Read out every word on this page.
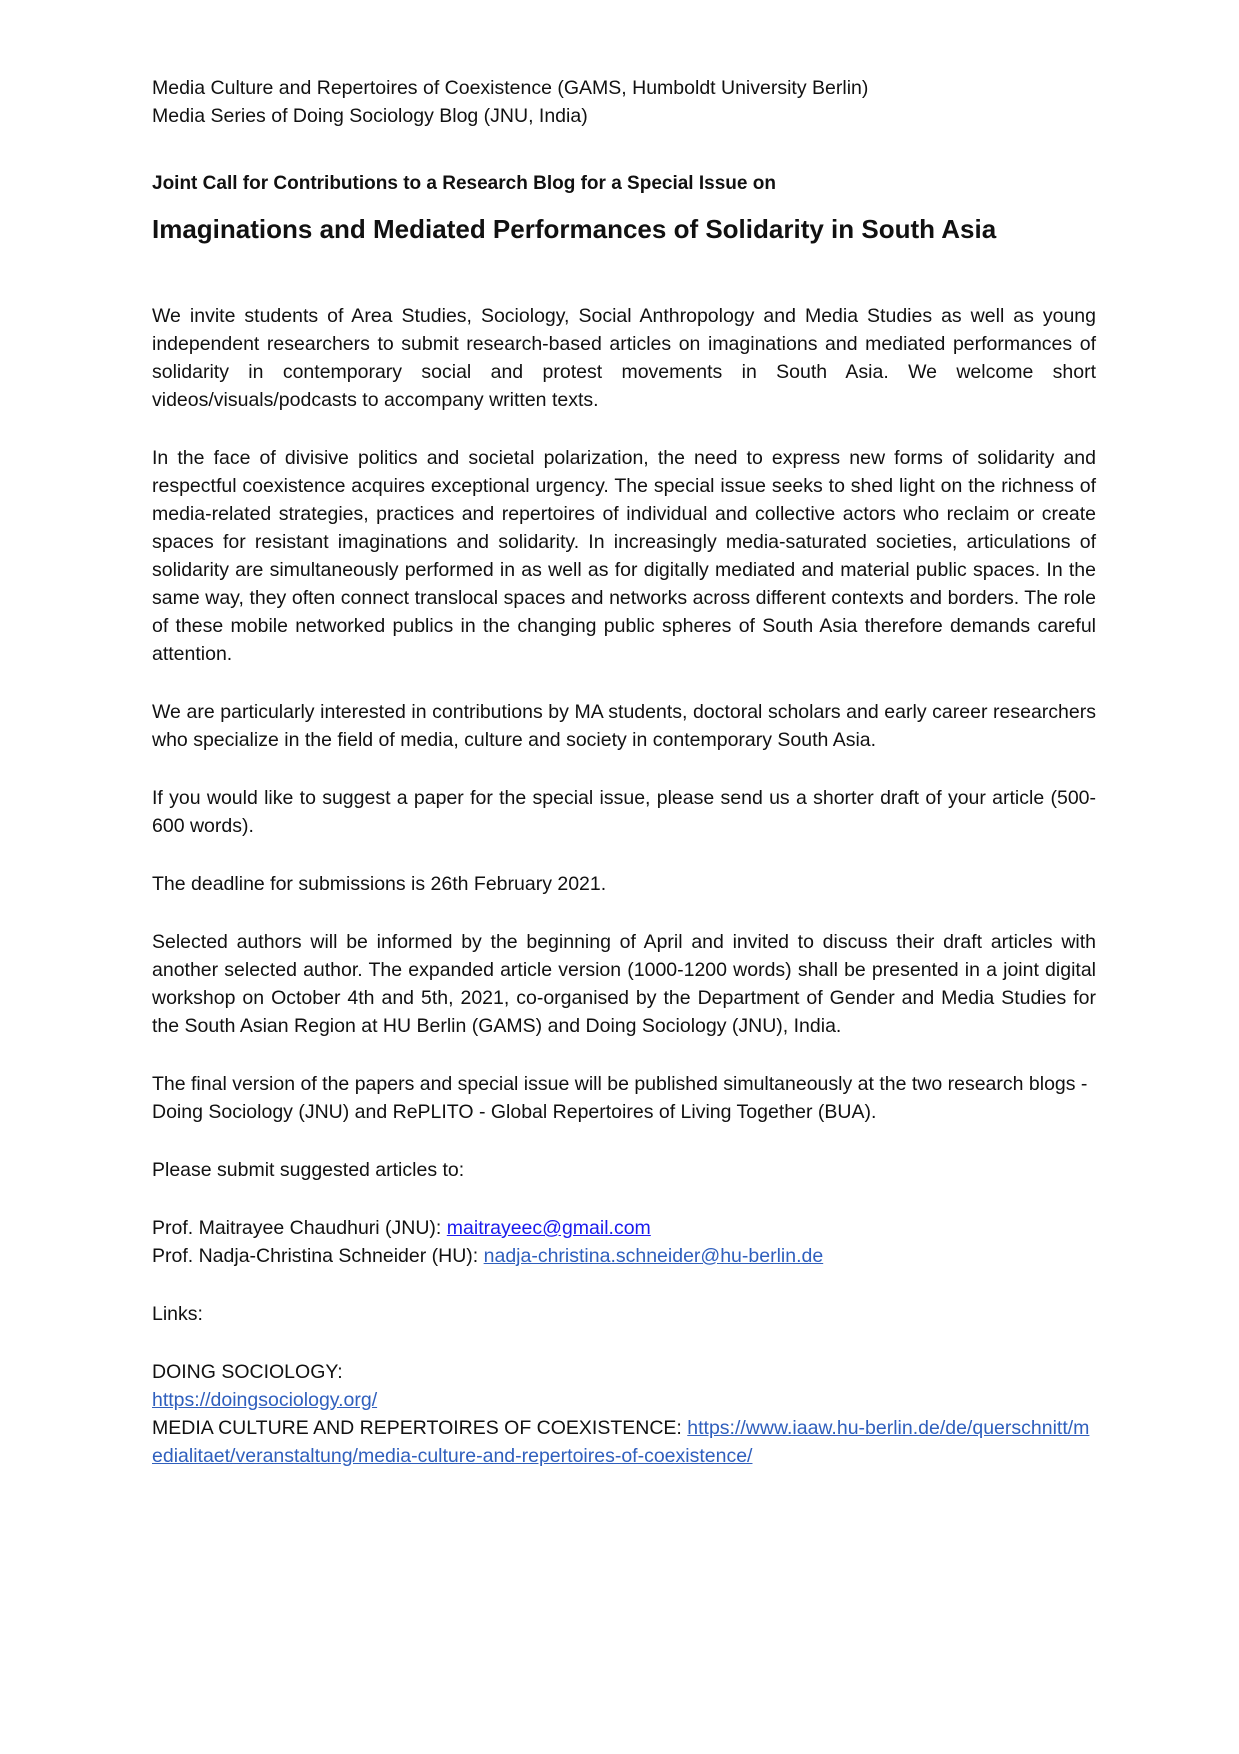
Media Culture and Repertoires of Coexistence (GAMS, Humboldt University Berlin)

Media Series of Doing Sociology Blog (JNU, India)

Joint Call for Contributions to a Research Blog for a Special Issue on

Imaginations and Mediated Performances of Solidarity in South Asia

We invite students of Area Studies, Sociology, Social Anthropology and Media Studies as well as young independent researchers to submit research-based articles on imaginations and mediated performances of solidarity in contemporary social and protest movements in South Asia. We welcome short videos/visuals/podcasts to accompany written texts.

In the face of divisive politics and societal polarization, the need to express new forms of solidarity and respectful coexistence acquires exceptional urgency. The special issue seeks to shed light on the richness of media-related strategies, practices and repertoires of individual and collective actors who reclaim or create spaces for resistant imaginations and solidarity. In increasingly media-saturated societies, articulations of solidarity are simultaneously performed in as well as for digitally mediated and material public spaces. In the same way, they often connect translocal spaces and networks across different contexts and borders. The role of these mobile networked publics in the changing public spheres of South Asia therefore demands careful attention.

We are particularly interested in contributions by MA students, doctoral scholars and early career researchers who specialize in the field of media, culture and society in contemporary South Asia.

If you would like to suggest a paper for the special issue, please send us a shorter draft of your article (500-600 words).

The deadline for submissions is 26th February 2021.

Selected authors will be informed by the beginning of April and invited to discuss their draft articles with another selected author. The expanded article version (1000-1200 words) shall be presented in a joint digital workshop on October 4th and 5th, 2021, co-organised by the Department of Gender and Media Studies for the South Asian Region at HU Berlin (GAMS) and Doing Sociology (JNU), India.

The final version of the papers and special issue will be published simultaneously at the two research blogs - Doing Sociology (JNU) and RePLITO - Global Repertoires of Living Together (BUA).

Please submit suggested articles to:

Prof. Maitrayee Chaudhuri (JNU): maitrayeec@gmail.com

Prof. Nadja-Christina Schneider (HU): nadja-christina.schneider@hu-berlin.de

Links:

DOING SOCIOLOGY:

https://doingsociology.org/

MEDIA CULTURE AND REPERTOIRES OF COEXISTENCE: https://www.iaaw.hu-berlin.de/de/querschnitt/medialitaet/veranstaltung/media-culture-and-repertoires-of-coexistence/
